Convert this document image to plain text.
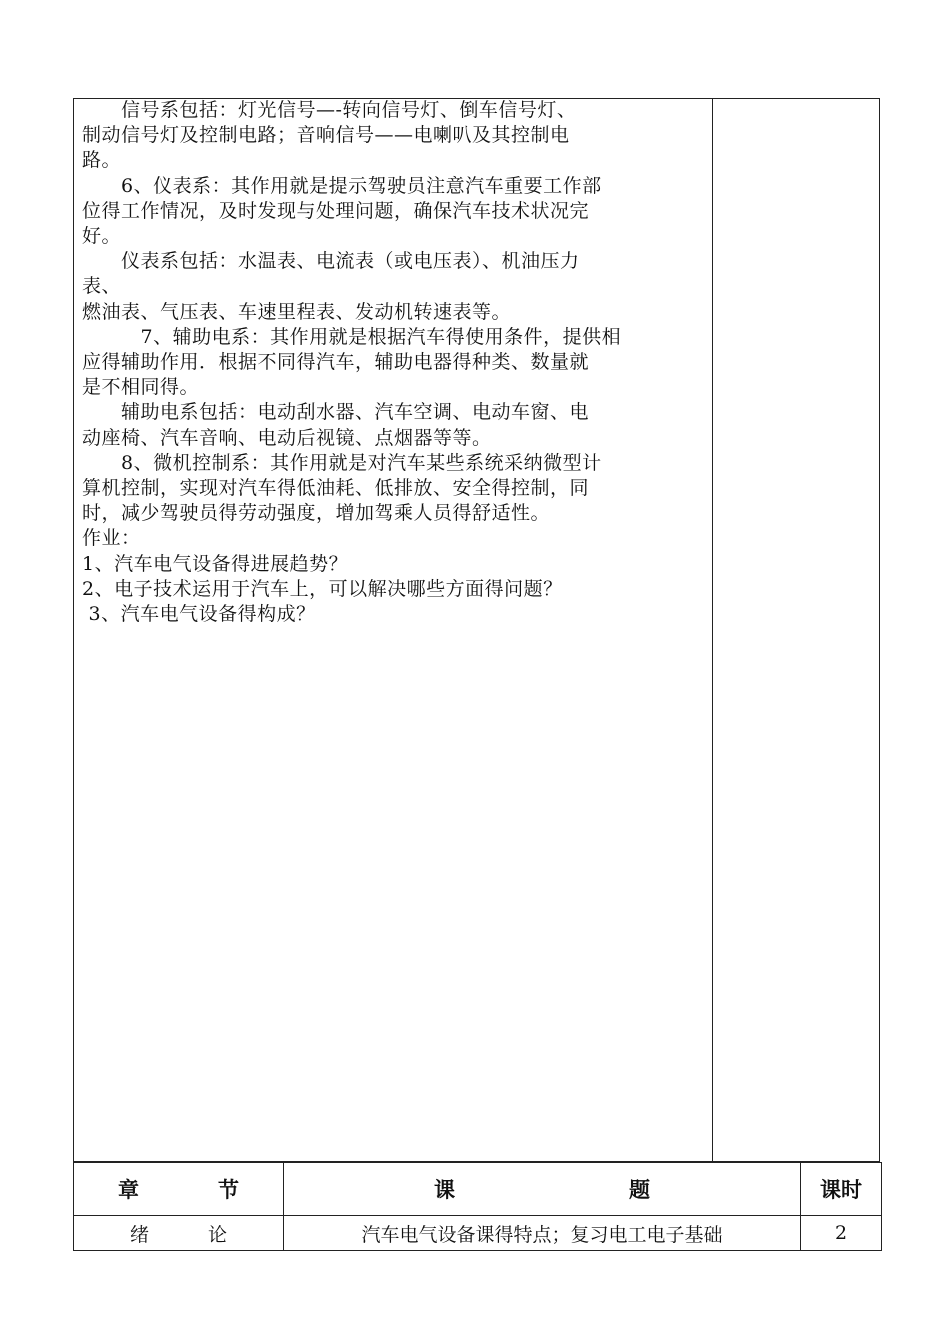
　　信号系包括：灯光信号—-转向信号灯、倒车信号灯、

制动信号灯及控制电路；音响信号——电喇叭及其控制电

路。

　　6、仪表系：其作用就是提示驾驶员注意汽车重要工作部

位得工作情况，及时发现与处理问题，确保汽车技术状况完

好。

　　仪表系包括：水温表、电流表（或电压表）、机油压力

表、

燃油表、气压表、车速里程表、发动机转速表等。

　　　7、辅助电系：其作用就是根据汽车得使用条件，提供相

应得辅助作用．根据不同得汽车，辅助电器得种类、数量就

是不相同得。

　　辅助电系包括：电动刮水器、汽车空调、电动车窗、电

动座椅、汽车音响、电动后视镜、点烟器等等。

　　8、微机控制系：其作用就是对汽车某些系统采纳微型计

算机控制，实现对汽车得低油耗、低排放、安全得控制，同

时，减少驾驶员得劳动强度，增加驾乘人员得舒适性。

作业：

1、汽车电气设备得进展趋势？

2、电子技术运用于汽车上，可以解决哪些方面得问题？

3、汽车电气设备得构成？

章 节	课 题	课时

绪 论	汽车电气设备课得特点；复习电工电子基础	2
